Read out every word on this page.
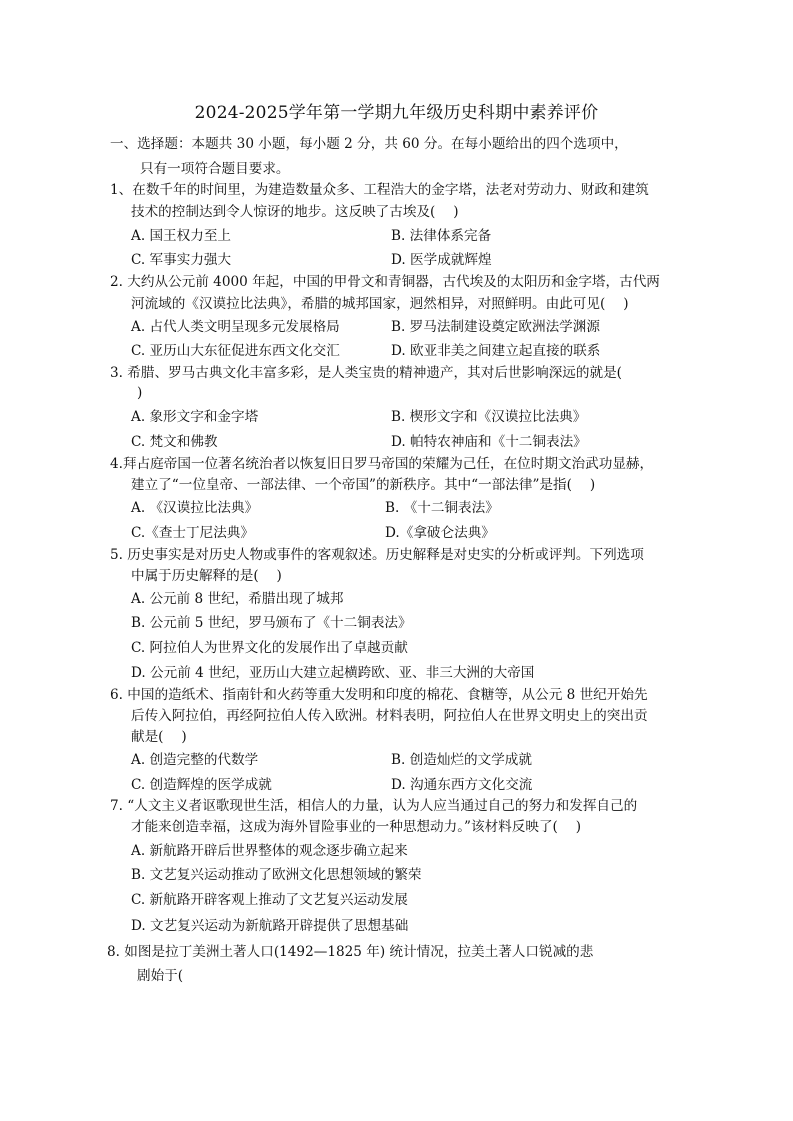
2024-2025学年第一学期九年级历史科期中素养评价
一、选择题：本题共 30 小题，每小题 2 分，共 60 分。在每小题给出的四个选项中，
只有一项符合题目要求。
1、在数千年的时间里，为建造数量众多、工程浩大的金字塔，法老对劳动力、财政和建筑
技术的控制达到令人惊讶的地步。这反映了古埃及(　 )
A. 国王权力至上	B. 法律体系完备
C. 军事实力强大	D. 医学成就辉煌
2. 大约从公元前 4000 年起，中国的甲骨文和青铜器，古代埃及的太阳历和金字塔，古代两
河流域的《汉谟拉比法典》，希腊的城邦国家，迥然相异，对照鲜明。由此可见(　 )
A. 占代人类文明呈现多元发展格局	B. 罗马法制建设奠定欧洲法学渊源
C. 亚历山大东征促进东西文化交汇	D. 欧亚非美之间建立起直接的联系
3. 希腊、罗马古典文化丰富多彩，是人类宝贵的精神遗产，其对后世影响深远的就是(
)
A. 象形文字和金字塔	B. 楔形文字和《汉谟拉比法典》
C. 梵文和佛教	D. 帕特农神庙和《十二铜表法》
4.拜占庭帝国一位著名统治者以恢复旧日罗马帝国的荣耀为己任，在位时期文治武功显赫，
建立了“一位皇帝、一部法律、一个帝国”的新秩序。其中“一部法律”是指(　 )
A. 《汉谟拉比法典》	B. 《十二铜表法》
C.《查士丁尼法典》	D.《拿破仑法典》
5. 历史事实是对历史人物或事件的客观叙述。历史解释是对史实的分析或评判。下列选项
中属于历史解释的是(　 )
A. 公元前 8 世纪，希腊出现了城邦
B. 公元前 5 世纪，罗马颁布了《十二铜表法》
C. 阿拉伯人为世界文化的发展作出了卓越贡献
D. 公元前 4 世纪，亚历山大建立起横跨欧、亚、非三大洲的大帝国
6. 中国的造纸术、指南针和火药等重大发明和印度的棉花、食糖等，从公元 8 世纪开始先
后传入阿拉伯，再经阿拉伯人传入欧洲。材料表明，阿拉伯人在世界文明史上的突出贡
献是(　 )
A. 创造完整的代数学	B. 创造灿烂的文学成就
C. 创造辉煌的医学成就	D. 沟通东西方文化交流
7. “人文主义者讴歌现世生活，相信人的力量，认为人应当通过自己的努力和发挥自己的
才能来创造幸福，这成为海外冒险事业的一种思想动力。”该材料反映了(　 )
A. 新航路开辟后世界整体的观念逐步确立起来
B. 文艺复兴运动推动了欧洲文化思想领域的繁荣
C. 新航路开辟客观上推动了文艺复兴运动发展
D. 文艺复兴运动为新航路开辟提供了思想基础
8. 如图是拉丁美洲土著人口(1492—1825 年) 统计情况，拉美土著人口锐减的悲
剧始于(
